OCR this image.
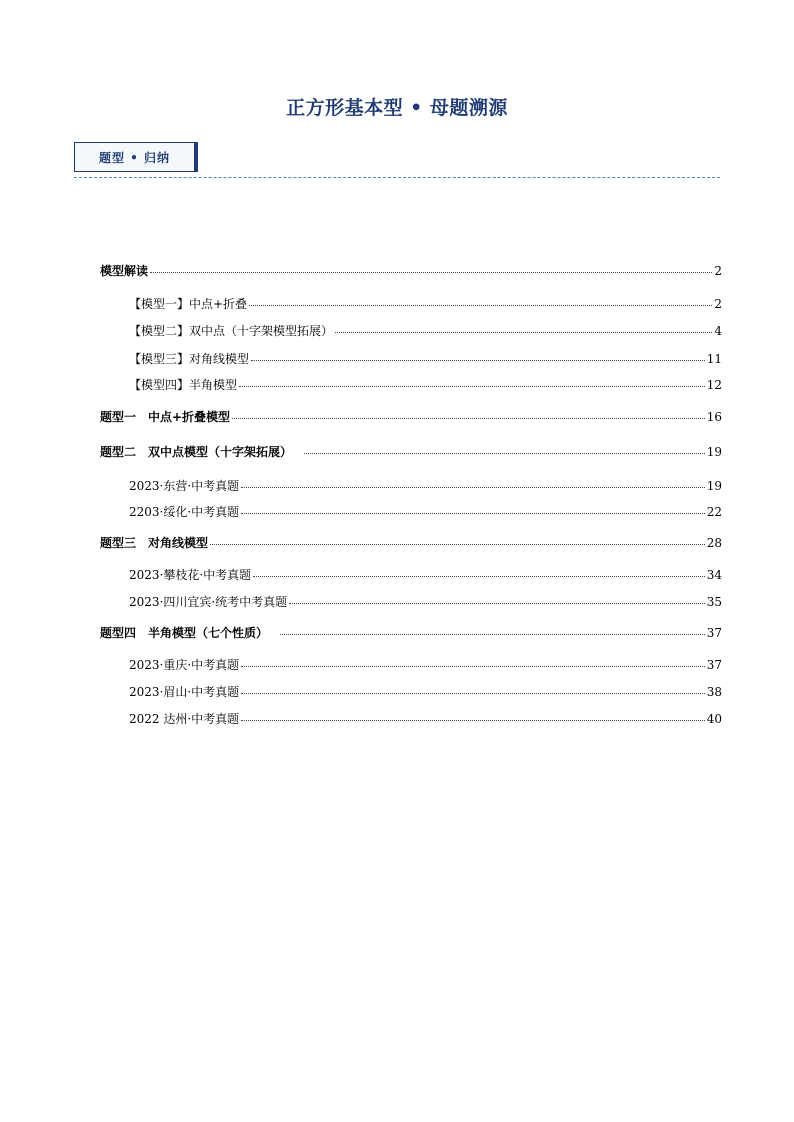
正方形基本型 • 母题溯源
题型 • 归纳
模型解读	2
【模型一】中点+折叠	2
【模型二】双中点（十字架模型拓展）	4
【模型三】对角线模型	11
【模型四】半角模型	12
题型一　中点+折叠模型	16
题型二　双中点模型（十字架拓展）	19
2023·东营·中考真题	19
2203·绥化·中考真题	22
题型三　对角线模型	28
2023·攀枝花·中考真题	34
2023·四川宜宾·统考中考真题	35
题型四　半角模型（七个性质）	37
2023·重庆·中考真题	37
2023·眉山·中考真题	38
2022 达州·中考真题	40
